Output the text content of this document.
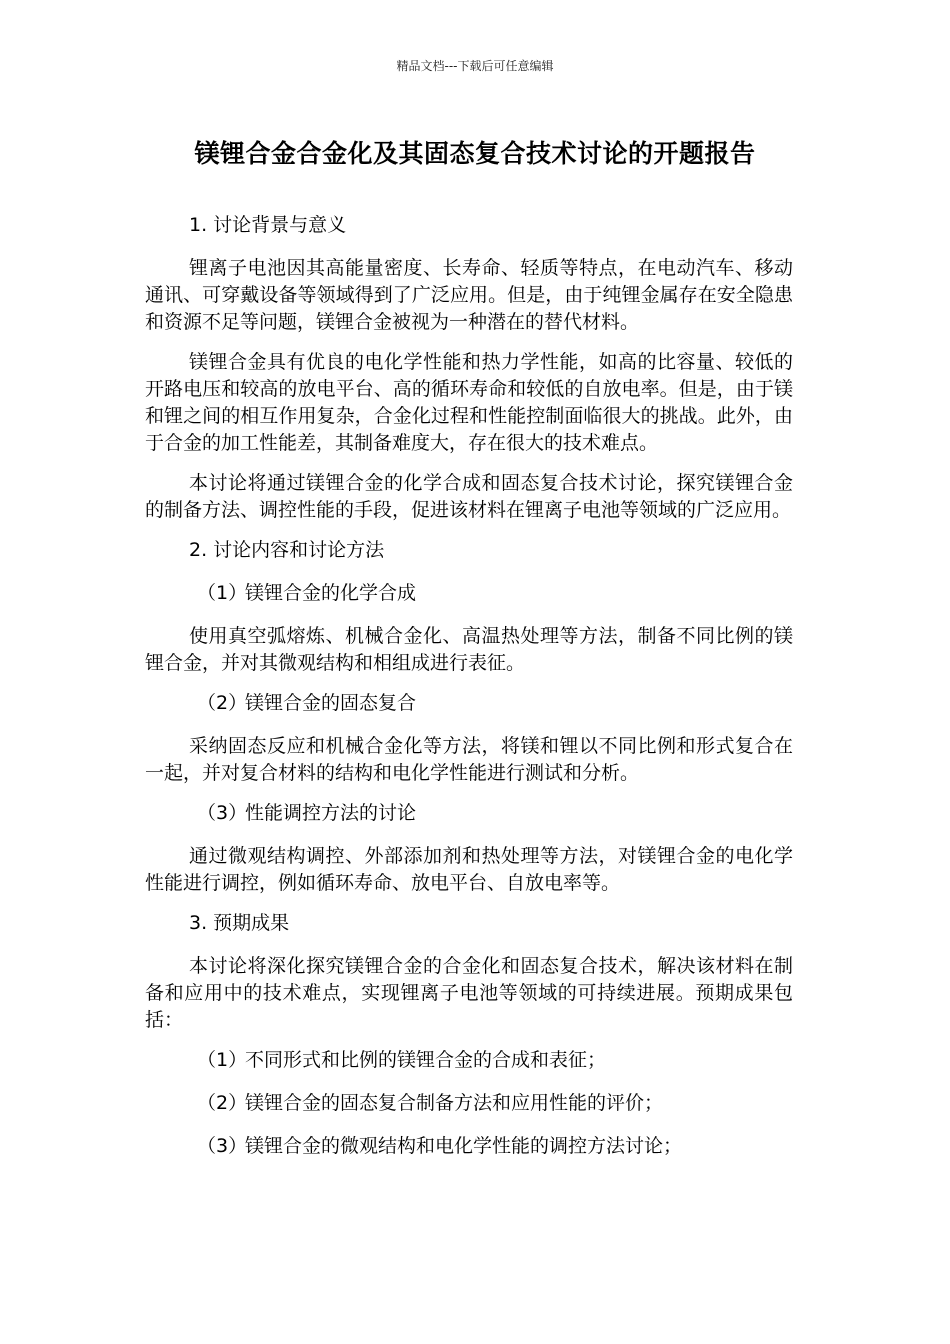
精品文档---下载后可任意编辑
镁锂合金合金化及其固态复合技术讨论的开题报告

1. 讨论背景与意义

锂离子电池因其高能量密度、长寿命、轻质等特点，在电动汽车、移动通讯、可穿戴设备等领域得到了广泛应用。但是，由于纯锂金属存在安全隐患和资源不足等问题，镁锂合金被视为一种潜在的替代材料。

镁锂合金具有优良的电化学性能和热力学性能，如高的比容量、较低的开路电压和较高的放电平台、高的循环寿命和较低的自放电率。但是，由于镁和锂之间的相互作用复杂，合金化过程和性能控制面临很大的挑战。此外，由于合金的加工性能差，其制备难度大，存在很大的技术难点。

本讨论将通过镁锂合金的化学合成和固态复合技术讨论，探究镁锂合金的制备方法、调控性能的手段，促进该材料在锂离子电池等领域的广泛应用。

2. 讨论内容和讨论方法

（1）镁锂合金的化学合成

使用真空弧熔炼、机械合金化、高温热处理等方法，制备不同比例的镁锂合金，并对其微观结构和相组成进行表征。

（2）镁锂合金的固态复合

采纳固态反应和机械合金化等方法，将镁和锂以不同比例和形式复合在一起，并对复合材料的结构和电化学性能进行测试和分析。

（3）性能调控方法的讨论

通过微观结构调控、外部添加剂和热处理等方法，对镁锂合金的电化学性能进行调控，例如循环寿命、放电平台、自放电率等。

3. 预期成果

本讨论将深化探究镁锂合金的合金化和固态复合技术，解决该材料在制备和应用中的技术难点，实现锂离子电池等领域的可持续进展。预期成果包括：

（1）不同形式和比例的镁锂合金的合成和表征；

（2）镁锂合金的固态复合制备方法和应用性能的评价；

（3）镁锂合金的微观结构和电化学性能的调控方法讨论；
